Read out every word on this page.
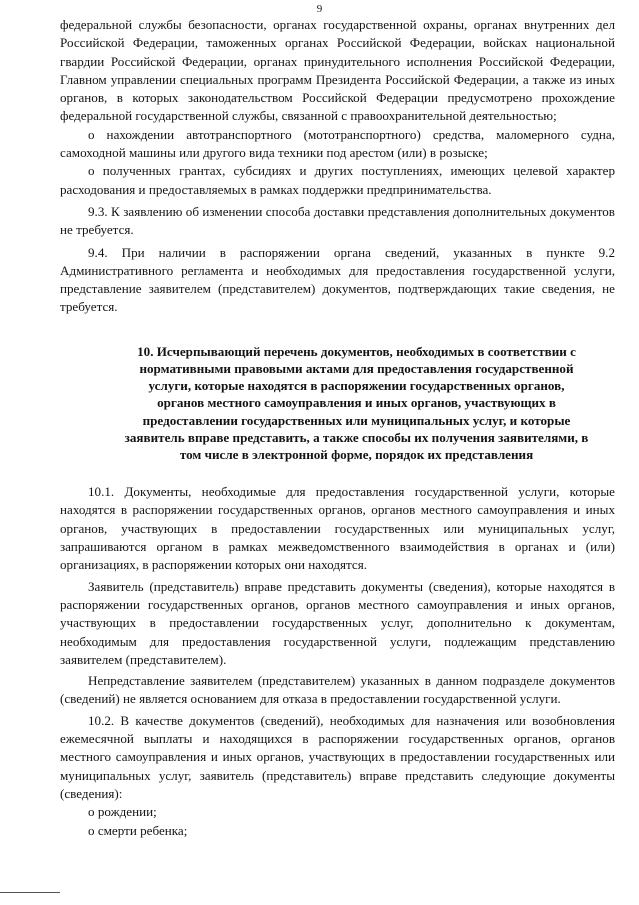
9

федеральной службы безопасности, органах государственной охраны, органах внутренних дел Российской Федерации, таможенных органах Российской Федерации, войсках национальной гвардии Российской Федерации, органах принудительного исполнения Российской Федерации, Главном управлении специальных программ Президента Российской Федерации, а также из иных органов, в которых законодательством Российской Федерации предусмотрено прохождение федеральной государственной службы, связанной с правоохранительной деятельностью;

о нахождении автотранспортного (мототранспортного) средства, маломерного судна, самоходной машины или другого вида техники под арестом (или) в розыске;

о полученных грантах, субсидиях и других поступлениях, имеющих целевой характер расходования и предоставляемых в рамках поддержки предпринимательства.

9.3. К заявлению об изменении способа доставки представления дополнительных документов не требуется.

9.4. При наличии в распоряжении органа сведений, указанных в пункте 9.2 Административного регламента и необходимых для предоставления государственной услуги, представление заявителем (представителем) документов, подтверждающих такие сведения, не требуется.

10. Исчерпывающий перечень документов, необходимых в соответствии с
нормативными правовыми актами для предоставления государственной
услуги, которые находятся в распоряжении государственных органов,
органов местного самоуправления и иных органов, участвующих в
предоставлении государственных или муниципальных услуг, и которые
заявитель вправе представить, а также способы их получения заявителями, в
том числе в электронной форме, порядок их представления

10.1. Документы, необходимые для предоставления государственной услуги, которые находятся в распоряжении государственных органов, органов местного самоуправления и иных органов, участвующих в предоставлении государственных или муниципальных услуг, запрашиваются органом в рамках межведомственного взаимодействия в органах и (или) организациях, в распоряжении которых они находятся.

Заявитель (представитель) вправе представить документы (сведения), которые находятся в распоряжении государственных органов, органов местного самоуправления и иных органов, участвующих в предоставлении государственных услуг, дополнительно к документам, необходимым для предоставления государственной услуги, подлежащим представлению заявителем (представителем).

Непредставление заявителем (представителем) указанных в данном подразделе документов (сведений) не является основанием для отказа в предоставлении государственной услуги.

10.2. В качестве документов (сведений), необходимых для назначения или возобновления ежемесячной выплаты и находящихся в распоряжении государственных органов, органов местного самоуправления и иных органов, участвующих в предоставлении государственных или муниципальных услуг, заявитель (представитель) вправе представить следующие документы (сведения):

о рождении;

о смерти ребенка;
